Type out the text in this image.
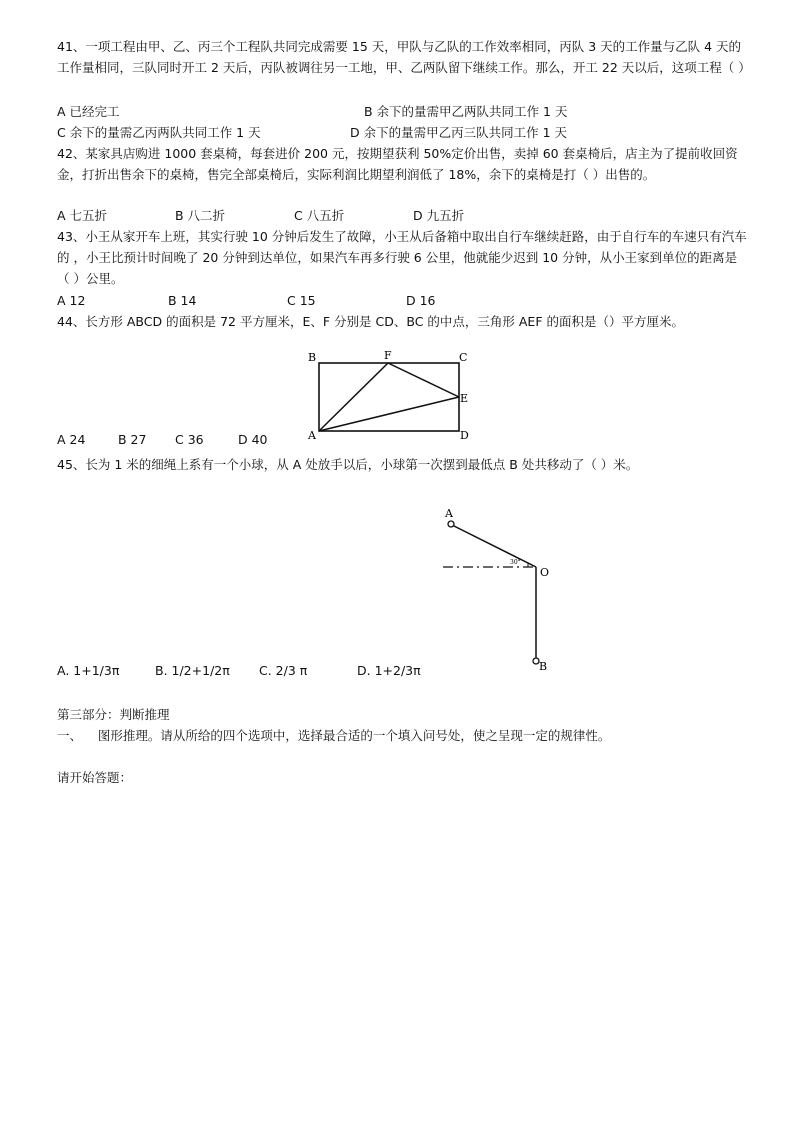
41、一项工程由甲、乙、丙三个工程队共同完成需要 15 天，甲队与乙队的工作效率相同，丙队 3 天的工作量与乙队 4 天的工作量相同，三队同时开工 2 天后，丙队被调往另一工地，甲、乙两队留下继续工作。那么，开工 22 天以后，这项工程（ ）
A 已经完工	B 余下的量需甲乙两队共同工作 1 天
C 余下的量需乙丙两队共同工作 1 天	D 余下的量需甲乙丙三队共同工作 1 天
42、某家具店购进 1000 套桌椅，每套进价 200 元，按期望获利 50%定价出售，卖掉 60 套桌椅后，店主为了提前收回资金，打折出售余下的桌椅，售完全部桌椅后，实际利润比期望利润低了 18%，余下的桌椅是打（ ）出售的。
A 七五折	B 八二折	C 八五折	D 九五折
43、小王从家开车上班，其实行驶 10 分钟后发生了故障，小王从后备箱中取出自行车继续赶路，由于自行车的车速只有汽车的 ，小王比预计时间晚了 20 分钟到达单位，如果汽车再多行驶 6 公里，他就能少迟到 10 分钟，从小王家到单位的距离是（ ）公里。
A 12	B 14	C 15	D 16
44、长方形 ABCD 的面积是 72 平方厘米，E、F 分别是 CD、BC 的中点，三角形 AEF 的面积是（）平方厘米。
B	F	C
E
A	D
A 24	B 27 C 36	D 40
45、长为 1 米的细绳上系有一个小球，从 A 处放手以后，小球第一次摆到最低点 B 处共移动了（ ）米。
A
O
B
30°
A. 1+1/3π	B. 1/2+1/2π C. 2/3 π	D. 1+2/3π
第三部分：判断推理
一、    图形推理。请从所给的四个选项中，选择最合适的一个填入问号处，使之呈现一定的规律性。
请开始答题：
